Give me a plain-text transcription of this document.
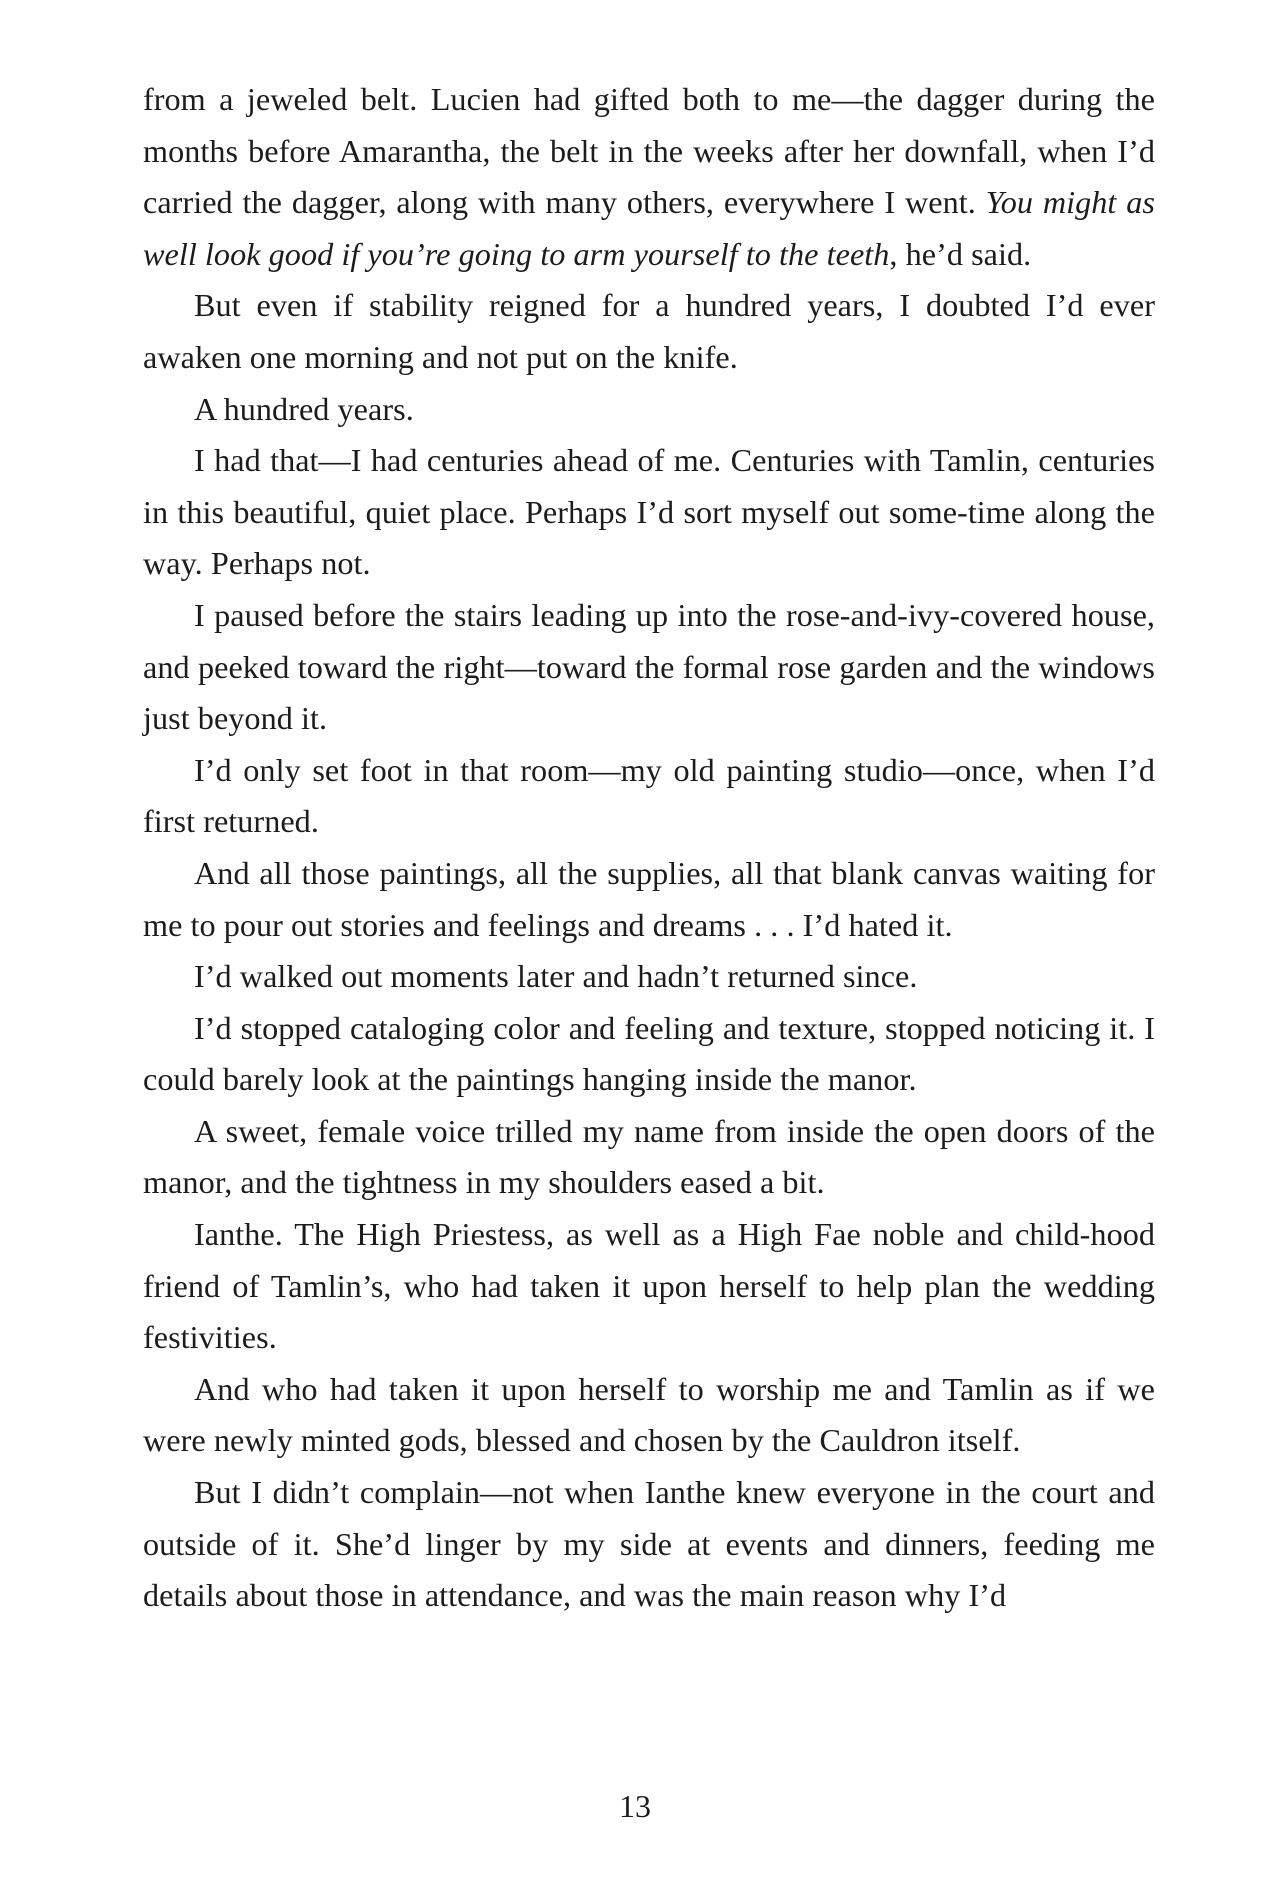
from a jeweled belt. Lucien had gifted both to me—the dagger during the months before Amarantha, the belt in the weeks after her downfall, when I’d carried the dagger, along with many others, everywhere I went. You might as well look good if you’re going to arm yourself to the teeth, he’d said.

But even if stability reigned for a hundred years, I doubted I’d ever awaken one morning and not put on the knife.

A hundred years.

I had that—I had centuries ahead of me. Centuries with Tamlin, centuries in this beautiful, quiet place. Perhaps I’d sort myself out some-time along the way. Perhaps not.

I paused before the stairs leading up into the rose-and-ivy-covered house, and peeked toward the right—toward the formal rose garden and the windows just beyond it.

I’d only set foot in that room—my old painting studio—once, when I’d first returned.

And all those paintings, all the supplies, all that blank canvas waiting for me to pour out stories and feelings and dreams . . . I’d hated it.

I’d walked out moments later and hadn’t returned since.

I’d stopped cataloging color and feeling and texture, stopped noticing it. I could barely look at the paintings hanging inside the manor.

A sweet, female voice trilled my name from inside the open doors of the manor, and the tightness in my shoulders eased a bit.

Ianthe. The High Priestess, as well as a High Fae noble and child-hood friend of Tamlin’s, who had taken it upon herself to help plan the wedding festivities.

And who had taken it upon herself to worship me and Tamlin as if we were newly minted gods, blessed and chosen by the Cauldron itself.

But I didn’t complain—not when Ianthe knew everyone in the court and outside of it. She’d linger by my side at events and dinners, feeding me details about those in attendance, and was the main reason why I’d

13
